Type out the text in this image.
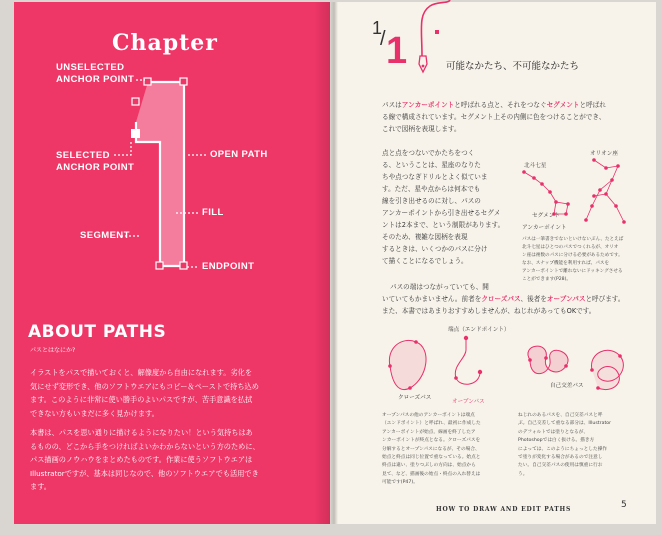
Chapter
UNSELECTED
ANCHOR POINT
SELECTED
ANCHOR POINT
SEGMENT
OPEN PATH
FILL
ENDPOINT
ABOUT PATHS
パスとはなにか?
イラストをパスで描いておくと、解像度から自由になれます。劣化を
気にせず変形でき、他のソフトウエアにもコピー＆ペーストで持ち込め
ます。このように非常に使い勝手のよいパスですが、苦手意識を払拭
できない方もいまだに多く見かけます。
本書は、パスを思い通りに描けるようになりたい！という気持ちはあ
るものの、どこから手をつければよいかわからないという方のために、
パス描画のノウハウをまとめたものです。作業に使うソフトウエアは
Illustratorですが、基本は同じなので、他のソフトウエアでも活用でき
ます。
1
/ 1	可能なかたち、不可能なかたち
パスはアンカーポイントと呼ばれる点と、それをつなぐセグメントと呼ばれ
る線で構成されています。セグメント上その内側に色をつけることができ、
これで図柄を表現します。
点と点をつないでかたちをつく
る、ということは、星座のなりた
ちや点つなぎドリルとよく似ていま
す。ただ、星や点からは何本でも
線を引き出せるのに対し、パスの
アンカーポイントから引き出せるセグメ
ントは2本まで、という制限があります。
そのため、複雑な図柄を表現
するときは、いくつかのパスに分け
て描くことになるでしょう。
北斗七星
オリオン座
セグメント
アンカーポイント
パスは一筆書きでないといけないぶん、たとえば
北斗七星はひとつのパスでつくれるが、オリオ
ン座は複数のパスに分ける必要があるためです。
なお、スナップ機能を利用すれば、パスを
アンカーポイントで離れないにドッキングさせる
ことができます(P28)。
パスの端はつながっていても、開
いていてもかまいません。前者をクローズパス、後者をオープンパスと呼びます。
また、本書ではあまりおすすめしませんが、ねじれがあってもOKです。
端点（エンドポイント）
クローズパス
オープンパス
自己交差パス
オープンパスの他のアンカーポイントは端点
（エンドポイント）と呼ばれ、最初に作成した
アンカーポイントが始点、線画を終了したア
ンカーポイントが終点となる。クローズパスを
分解するとオープンパスになるが、その場合、
始点と終点は同じ位置で重なっている。始点と
終点は違い、塗りつぶしの方向は、始点から
見て、など、描画後の始点・終点の入れ替えは
可能です(P47)。
ねじれのあるパスを、自己交差パスと呼
ぶ。自己交差して重なる部分は、Illustrator
のデフォルトでは塗りとなるが、
Photoshopでは白く抜ける。描き方
によっては、このようにちょっとした操作
で塗りが変化する場合があるので注意し
たい。自己交差パスの使用は慎重に行お
う。
HOW TO DRAW AND EDIT PATHS	5
